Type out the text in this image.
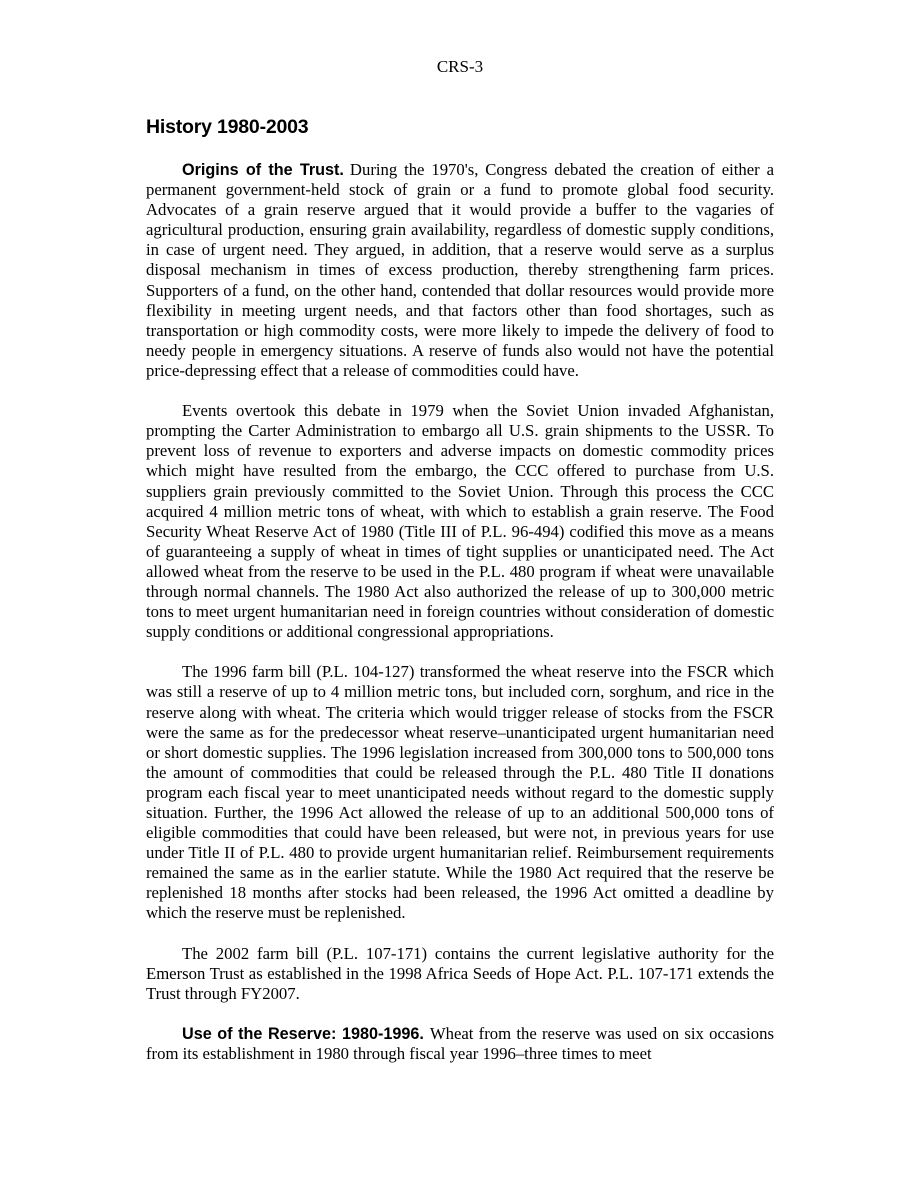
CRS-3
History 1980-2003

Origins of the Trust. During the 1970's, Congress debated the creation of either a permanent government-held stock of grain or a fund to promote global food security. Advocates of a grain reserve argued that it would provide a buffer to the vagaries of agricultural production, ensuring grain availability, regardless of domestic supply conditions, in case of urgent need. They argued, in addition, that a reserve would serve as a surplus disposal mechanism in times of excess production, thereby strengthening farm prices. Supporters of a fund, on the other hand, contended that dollar resources would provide more flexibility in meeting urgent needs, and that factors other than food shortages, such as transportation or high commodity costs, were more likely to impede the delivery of food to needy people in emergency situations. A reserve of funds also would not have the potential price-depressing effect that a release of commodities could have.

Events overtook this debate in 1979 when the Soviet Union invaded Afghanistan, prompting the Carter Administration to embargo all U.S. grain shipments to the USSR. To prevent loss of revenue to exporters and adverse impacts on domestic commodity prices which might have resulted from the embargo, the CCC offered to purchase from U.S. suppliers grain previously committed to the Soviet Union. Through this process the CCC acquired 4 million metric tons of wheat, with which to establish a grain reserve. The Food Security Wheat Reserve Act of 1980 (Title III of P.L. 96-494) codified this move as a means of guaranteeing a supply of wheat in times of tight supplies or unanticipated need. The Act allowed wheat from the reserve to be used in the P.L. 480 program if wheat were unavailable through normal channels. The 1980 Act also authorized the release of up to 300,000 metric tons to meet urgent humanitarian need in foreign countries without consideration of domestic supply conditions or additional congressional appropriations.

The 1996 farm bill (P.L. 104-127) transformed the wheat reserve into the FSCR which was still a reserve of up to 4 million metric tons, but included corn, sorghum, and rice in the reserve along with wheat. The criteria which would trigger release of stocks from the FSCR were the same as for the predecessor wheat reserve–unanticipated urgent humanitarian need or short domestic supplies. The 1996 legislation increased from 300,000 tons to 500,000 tons the amount of commodities that could be released through the P.L. 480 Title II donations program each fiscal year to meet unanticipated needs without regard to the domestic supply situation. Further, the 1996 Act allowed the release of up to an additional 500,000 tons of eligible commodities that could have been released, but were not, in previous years for use under Title II of P.L. 480 to provide urgent humanitarian relief. Reimbursement requirements remained the same as in the earlier statute. While the 1980 Act required that the reserve be replenished 18 months after stocks had been released, the 1996 Act omitted a deadline by which the reserve must be replenished.

The 2002 farm bill (P.L. 107-171) contains the current legislative authority for the Emerson Trust as established in the 1998 Africa Seeds of Hope Act. P.L. 107-171 extends the Trust through FY2007.

Use of the Reserve: 1980-1996. Wheat from the reserve was used on six occasions from its establishment in 1980 through fiscal year 1996–three times to meet
